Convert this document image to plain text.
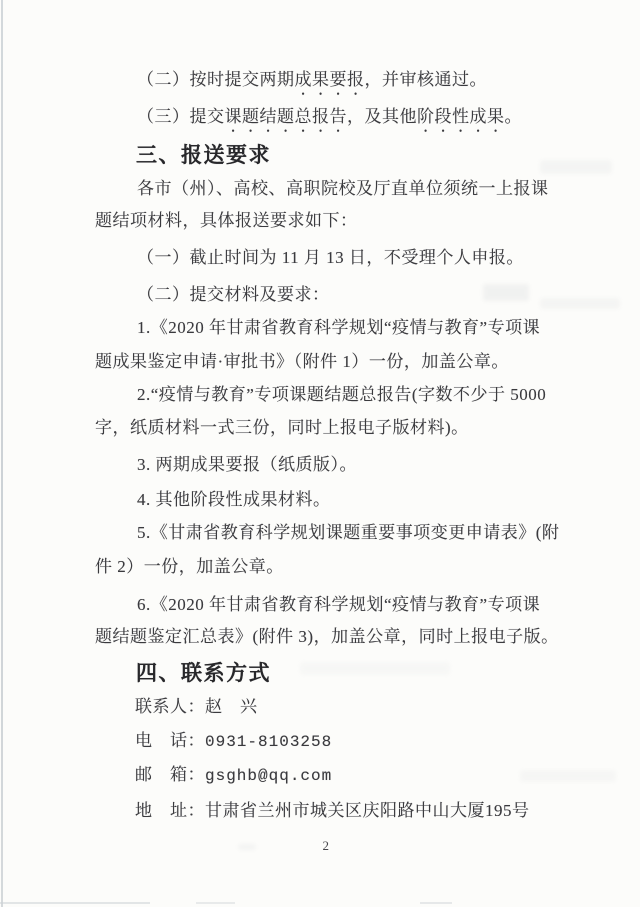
（二）按时提交两期成果要报，并审核通过。
（三）提交课题结题总报告，及其他阶段性成果。
三、报送要求
各市（州）、高校、高职院校及厅直单位须统一上报课
题结项材料，具体报送要求如下：
（一）截止时间为 11 月 13 日，不受理个人申报。
（二）提交材料及要求：
1.《2020 年甘肃省教育科学规划“疫情与教育”专项课
题成果鉴定申请·审批书》（附件 1）一份，加盖公章。
2.“疫情与教育”专项课题结题总报告(字数不少于 5000
字，纸质材料一式三份，同时上报电子版材料)。
3. 两期成果要报（纸质版）。
4. 其他阶段性成果材料。
5.《甘肃省教育科学规划课题重要事项变更申请表》(附
件 2）一份，加盖公章。
6.《2020 年甘肃省教育科学规划“疫情与教育”专项课
题结题鉴定汇总表》(附件 3)，加盖公章，同时上报电子版。
四、联系方式
联系人：赵　兴
电　话：0931-8103258
邮　箱：gsghb@qq.com
地　址：甘肃省兰州市城关区庆阳路中山大厦195号
2
